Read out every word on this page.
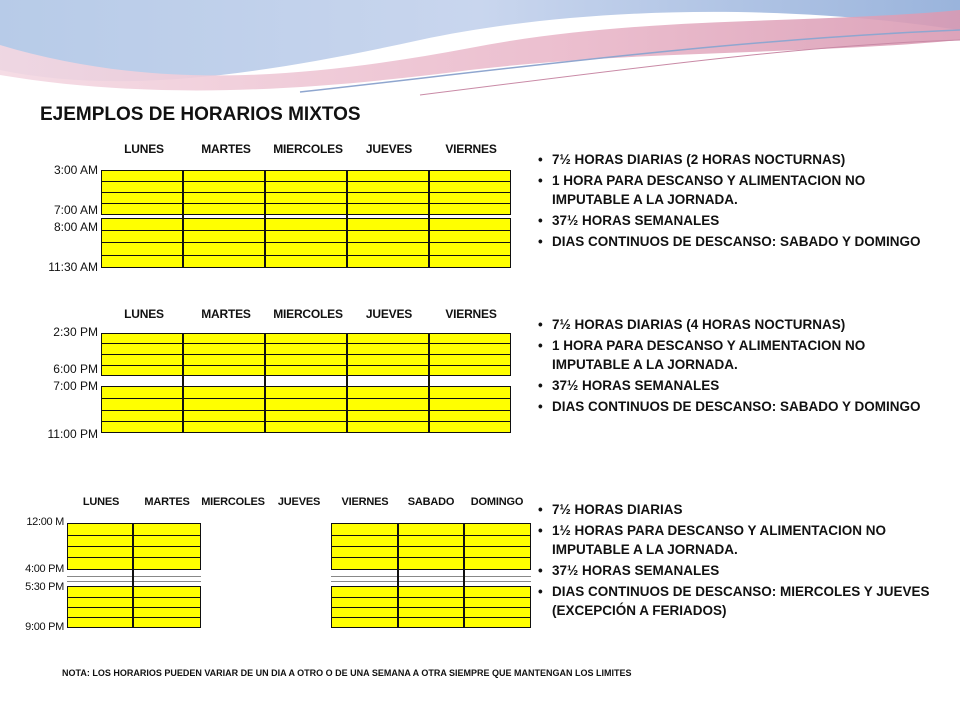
EJEMPLOS DE HORARIOS MIXTOS
LUNES	MARTES	MIERCOLES	JUEVES	VIERNES
3:00 AM
7:00 AM
8:00 AM
11:30 AM
• 7½ HORAS DIARIAS (2 HORAS NOCTURNAS)
• 1 HORA PARA DESCANSO Y ALIMENTACION NO IMPUTABLE A LA JORNADA.
• 37½ HORAS SEMANALES
• DIAS CONTINUOS DE DESCANSO: SABADO Y DOMINGO
LUNES	MARTES	MIERCOLES	JUEVES	VIERNES
2:30 PM
6:00 PM
7:00 PM
11:00 PM
• 7½ HORAS DIARIAS (4 HORAS NOCTURNAS)
• 1 HORA PARA DESCANSO Y ALIMENTACION NO IMPUTABLE A LA JORNADA.
• 37½ HORAS SEMANALES
• DIAS CONTINUOS DE DESCANSO: SABADO Y DOMINGO
LUNES	MARTES	MIERCOLES	JUEVES	VIERNES	SABADO	DOMINGO
12:00 M
4:00 PM
5:30 PM
9:00 PM
• 7½ HORAS DIARIAS
• 1½ HORAS PARA DESCANSO Y ALIMENTACION NO IMPUTABLE A LA JORNADA.
• 37½ HORAS SEMANALES
• DIAS CONTINUOS DE DESCANSO: MIERCOLES Y JUEVES (EXCEPCIÓN A FERIADOS)
NOTA: LOS HORARIOS PUEDEN VARIAR DE UN DIA A OTRO O DE UNA SEMANA A OTRA SIEMPRE QUE MANTENGAN LOS LIMITES
